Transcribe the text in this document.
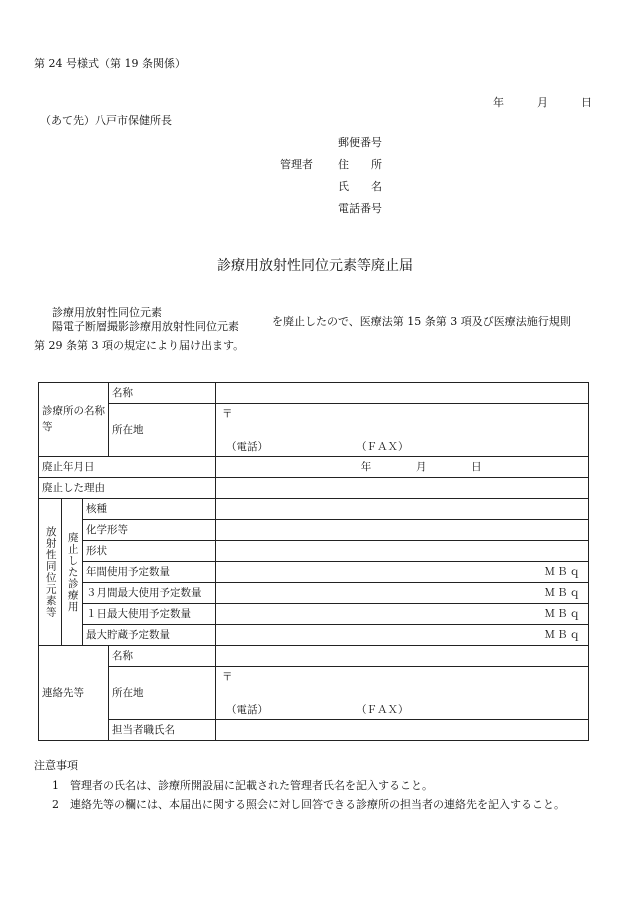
第 24 号様式（第 19 条関係）
年	月	日
（あて先）八戸市保健所長
管理者
郵便番号
住　　所
氏　　名
電話番号
診療用放射性同位元素等廃止届
診療用放射性同位元素
陽電子断層撮影診療用放射性同位元素	を廃止したので、医療法第 15 条第 3 項及び医療法施行規則
第 29 条第 3 項の規定により届け出ます。
診療所の名称等			名称	
			所在地	〒
（電話） （ＦＡＸ）

廃止年月日				年 月 日
廃止した理由				

放射性同位元素等	廃止した診療用	核種		
		化学形等		
		形状		
		年間使用予定数量		ＭＢｑ
		３月間最大使用予定数量		ＭＢｑ
		１日最大使用予定数量		ＭＢｑ
		最大貯蔵予定数量		ＭＢｑ
連絡先等			名称	
			所在地	〒
（電話） （ＦＡＸ）

			担当者職氏名	
注意事項
1　管理者の氏名は、診療所開設届に記載された管理者氏名を記入すること。
2　連絡先等の欄には、本届出に関する照会に対し回答できる診療所の担当者の連絡先を記入すること。
